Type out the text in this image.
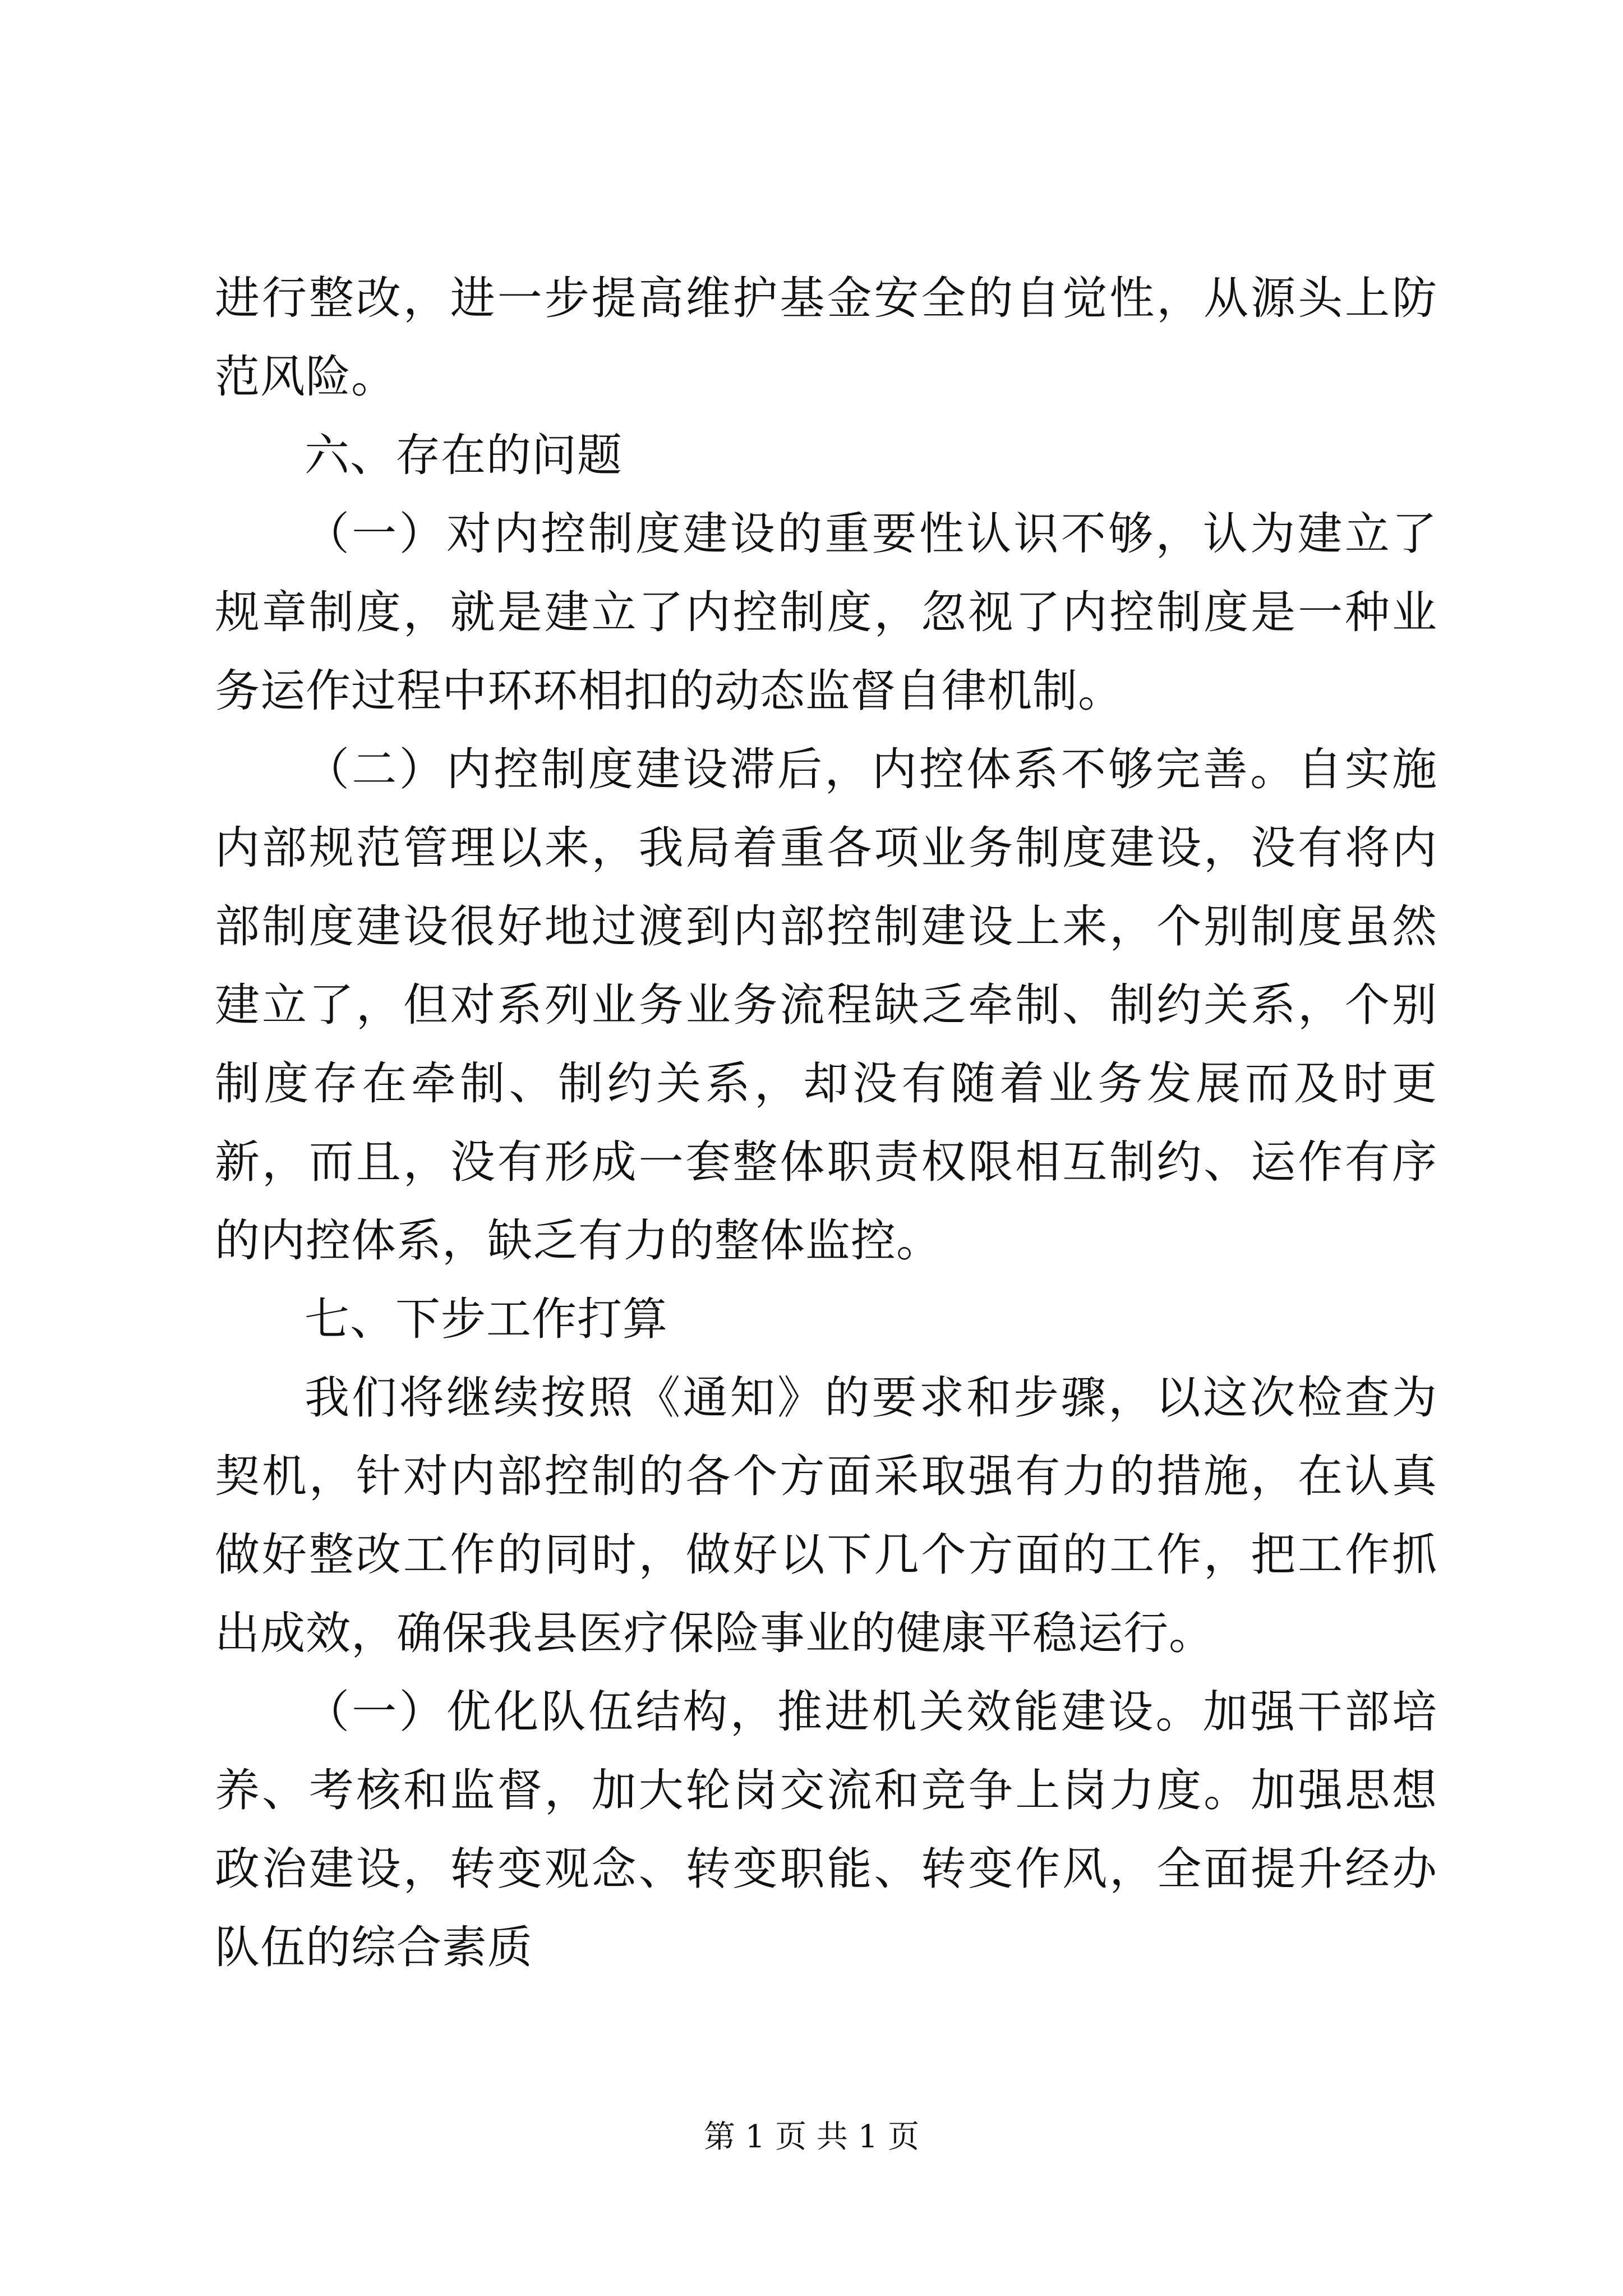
进行整改，进一步提高维护基金安全的自觉性，从源头上防范风险。

六、存在的问题

（一）对内控制度建设的重要性认识不够，认为建立了规章制度，就是建立了内控制度，忽视了内控制度是一种业务运作过程中环环相扣的动态监督自律机制。

（二）内控制度建设滞后，内控体系不够完善。自实施内部规范管理以来，我局着重各项业务制度建设，没有将内部制度建设很好地过渡到内部控制建设上来，个别制度虽然建立了，但对系列业务业务流程缺乏牵制、制约关系，个别制度存在牵制、制约关系，却没有随着业务发展而及时更新，而且，没有形成一套整体职责权限相互制约、运作有序的内控体系，缺乏有力的整体监控。

七、下步工作打算

我们将继续按照《通知》的要求和步骤，以这次检查为契机，针对内部控制的各个方面采取强有力的措施，在认真做好整改工作的同时，做好以下几个方面的工作，把工作抓出成效，确保我县医疗保险事业的健康平稳运行。

（一）优化队伍结构，推进机关效能建设。加强干部培养、考核和监督，加大轮岗交流和竞争上岗力度。加强思想政治建设，转变观念、转变职能、转变作风，全面提升经办队伍的综合素质

第 1 页 共 1 页
